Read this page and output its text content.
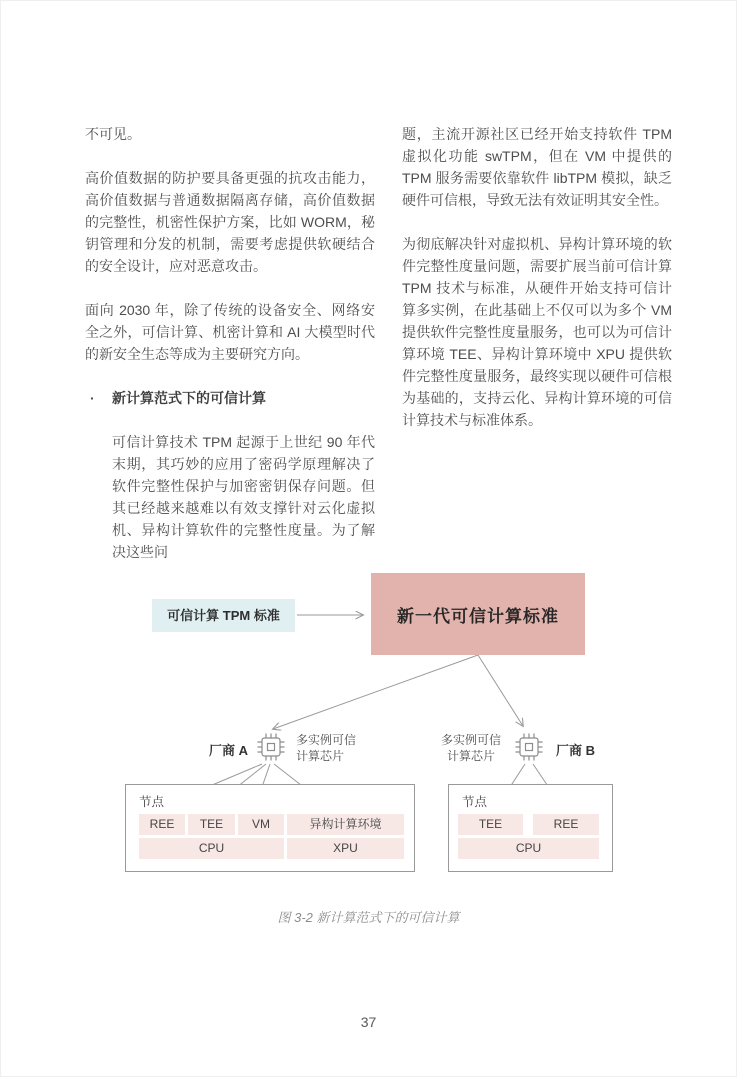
不可见。

高价值数据的防护要具备更强的抗攻击能力，高价值数据与普通数据隔离存储，高价值数据的完整性，机密性保护方案，比如 WORM，秘钥管理和分发的机制，需要考虑提供软硬结合的安全设计，应对恶意攻击。

面向 2030 年，除了传统的设备安全、网络安全之外，可信计算、机密计算和 AI 大模型时代的新安全生态等成为主要研究方向。

· 新计算范式下的可信计算

可信计算技术 TPM 起源于上世纪 90 年代末期，其巧妙的应用了密码学原理解决了软件完整性保护与加密密钥保存问题。但其已经越来越难以有效支撑针对云化虚拟机、异构计算软件的完整性度量。为了解决这些问

题，主流开源社区已经开始支持软件 TPM 虚拟化功能 swTPM，但在 VM 中提供的 TPM 服务需要依靠软件 libTPM 模拟，缺乏硬件可信根，导致无法有效证明其安全性。

为彻底解决针对虚拟机、异构计算环境的软件完整性度量问题，需要扩展当前可信计算 TPM 技术与标准，从硬件开始支持可信计算多实例，在此基础上不仅可以为多个 VM 提供软件完整性度量服务，也可以为可信计算环境 TEE、异构计算环境中 XPU 提供软件完整性度量服务，最终实现以硬件可信根为基础的，支持云化、异构计算环境的可信计算技术与标准体系。

可信计算 TPM 标准	新一代可信计算标准
厂商 A	厂商 B
多实例可信
计算芯片
多实例可信
计算芯片
节点
REE	TEE	VM	异构计算环境
CPU	XPU
节点
TEE	REE
CPU
图 3-2 新计算范式下的可信计算
37
